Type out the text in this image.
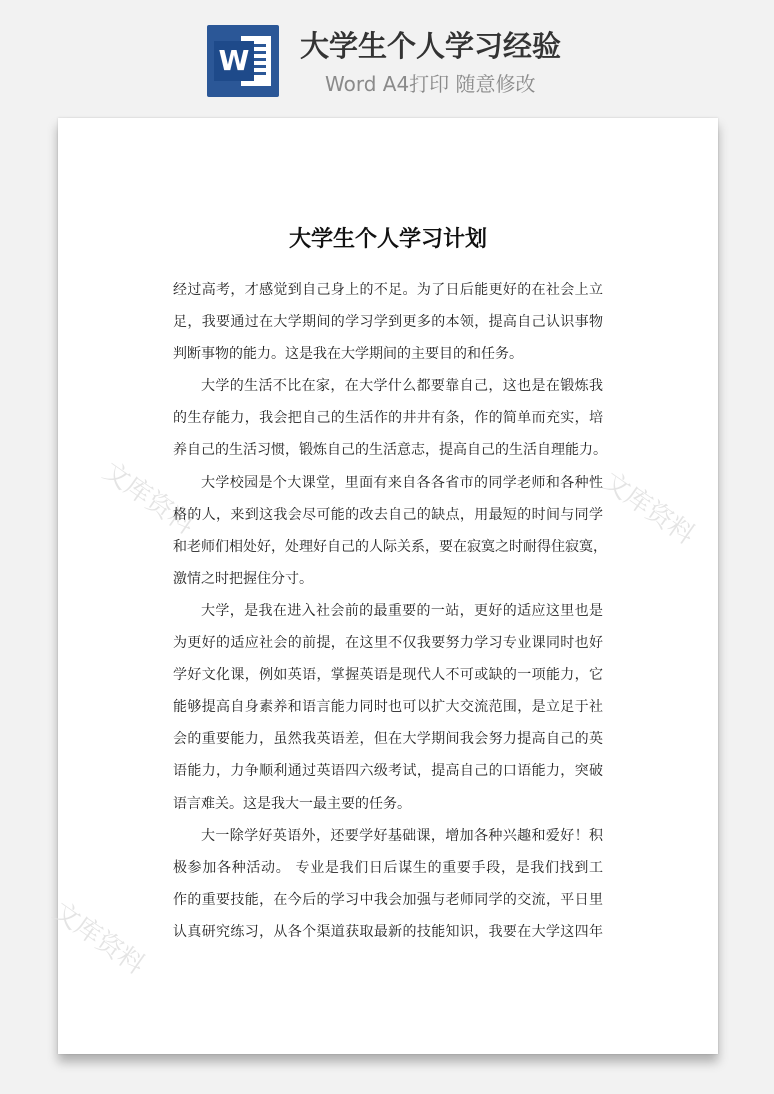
W 大学生个人学习经验
Word A4打印 随意修改
文库资料	文库资料
文库资料
大学生个人学习计划
经过高考，才感觉到自己身上的不足。为了日后能更好的在社会上立
足，我要通过在大学期间的学习学到更多的本领，提高自己认识事物
判断事物的能力。这是我在大学期间的主要目的和任务。
大学的生活不比在家，在大学什么都要靠自己，这也是在锻炼我
的生存能力，我会把自己的生活作的井井有条，作的简单而充实，培
养自己的生活习惯，锻炼自己的生活意志，提高自己的生活自理能力。
大学校园是个大课堂，里面有来自各各省市的同学老师和各种性
格的人，来到这我会尽可能的改去自己的缺点，用最短的时间与同学
和老师们相处好，处理好自己的人际关系，要在寂寞之时耐得住寂寞，
激情之时把握住分寸。
大学，是我在进入社会前的最重要的一站，更好的适应这里也是
为更好的适应社会的前提，在这里不仅我要努力学习专业课同时也好
学好文化课，例如英语，掌握英语是现代人不可或缺的一项能力，它
能够提高自身素养和语言能力同时也可以扩大交流范围，是立足于社
会的重要能力，虽然我英语差，但在大学期间我会努力提高自己的英
语能力，力争顺利通过英语四六级考试，提高自己的口语能力，突破
语言难关。这是我大一最主要的任务。
大一除学好英语外，还要学好基础课，增加各种兴趣和爱好！积
极参加各种活动。 专业是我们日后谋生的重要手段，是我们找到工
作的重要技能，在今后的学习中我会加强与老师同学的交流，平日里
认真研究练习，从各个渠道获取最新的技能知识，我要在大学这四年
